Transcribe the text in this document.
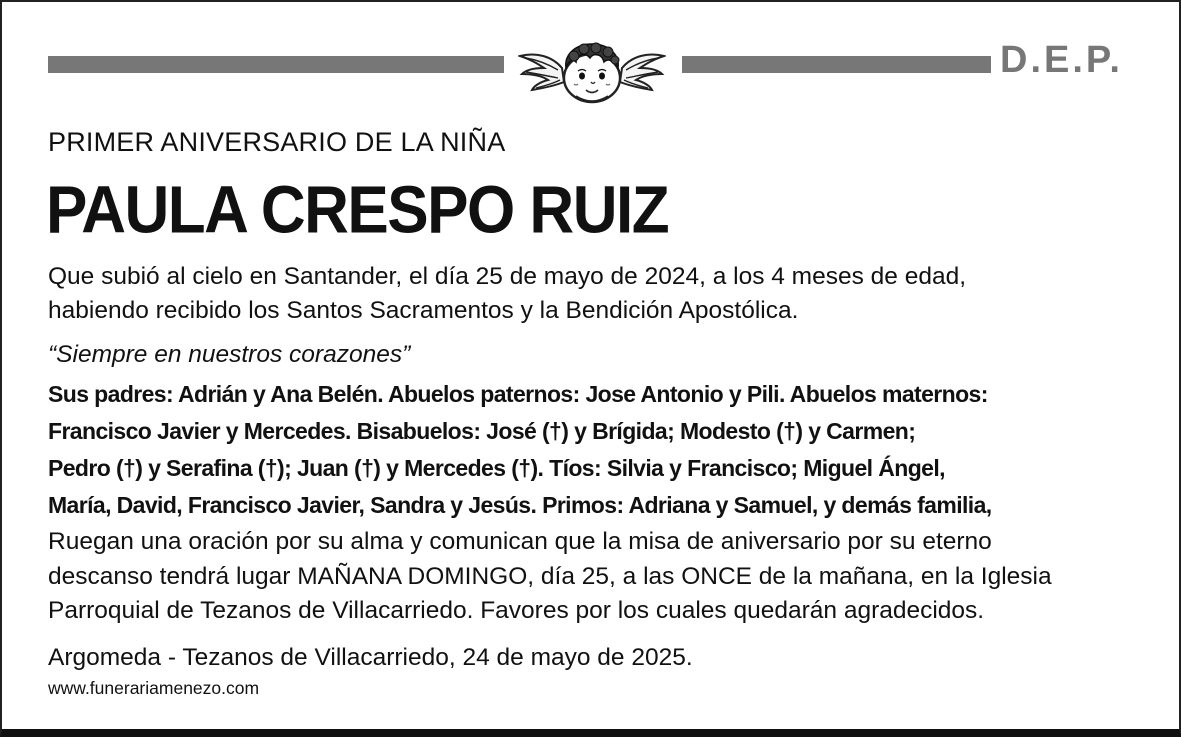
D.E.P.
PRIMER ANIVERSARIO DE LA NIÑA
PAULA CRESPO RUIZ
Que subió al cielo en Santander, el día 25 de mayo de 2024, a los 4 meses de edad,
habiendo recibido los Santos Sacramentos y la Bendición Apostólica.
“Siempre en nuestros corazones”
Sus padres: Adrián y Ana Belén. Abuelos paternos: Jose Antonio y Pili. Abuelos maternos:
Francisco Javier y Mercedes. Bisabuelos: José (†) y Brígida; Modesto (†) y Carmen;
Pedro (†) y Serafina (†); Juan (†) y Mercedes (†). Tíos: Silvia y Francisco; Miguel Ángel,
María, David, Francisco Javier, Sandra y Jesús. Primos: Adriana y Samuel, y demás familia,
Ruegan una oración por su alma y comunican que la misa de aniversario por su eterno
descanso tendrá lugar MAÑANA DOMINGO, día 25, a las ONCE de la mañana, en la Iglesia
Parroquial de Tezanos de Villacarriedo. Favores por los cuales quedarán agradecidos.
Argomeda - Tezanos de Villacarriedo, 24 de mayo de 2025.
www.funerariamenezo.com
